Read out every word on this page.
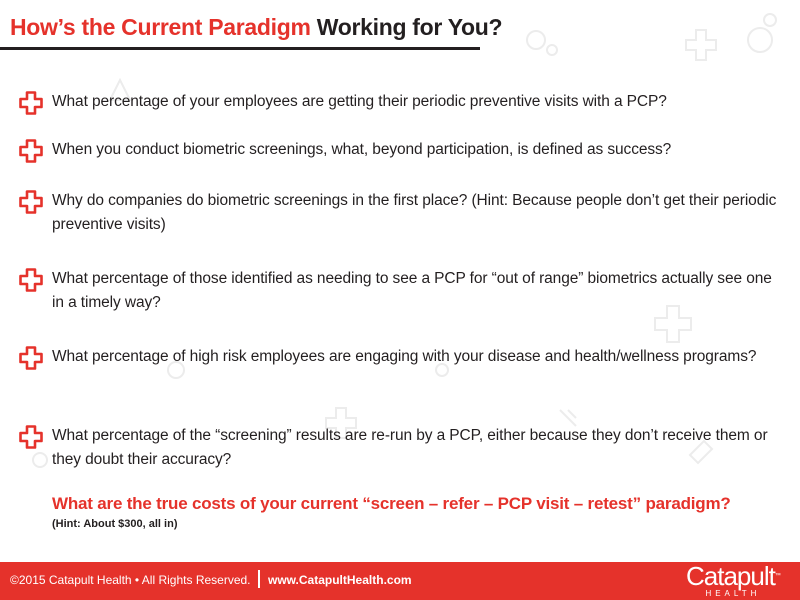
How’s the Current Paradigm Working for You?
What percentage of your employees are getting their periodic preventive visits with a PCP?
When you conduct biometric screenings, what, beyond participation, is defined as success?
Why do companies do biometric screenings in the first place? (Hint: Because people don’t get their periodic preventive visits)
What percentage of those identified as needing to see a PCP for “out of range” biometrics actually see one in a timely way?
What percentage of high risk employees are engaging with your disease and health/wellness programs?
What percentage of the “screening” results are re-run by a PCP, either because they don’t receive them or they doubt their accuracy?
What are the true costs of your current “screen – refer – PCP visit – retest” paradigm?
(Hint: About $300, all in)
©2015 Catapult Health • All Rights Reserved. www.CatapultHealth.com	Catapult™
HEALTH
